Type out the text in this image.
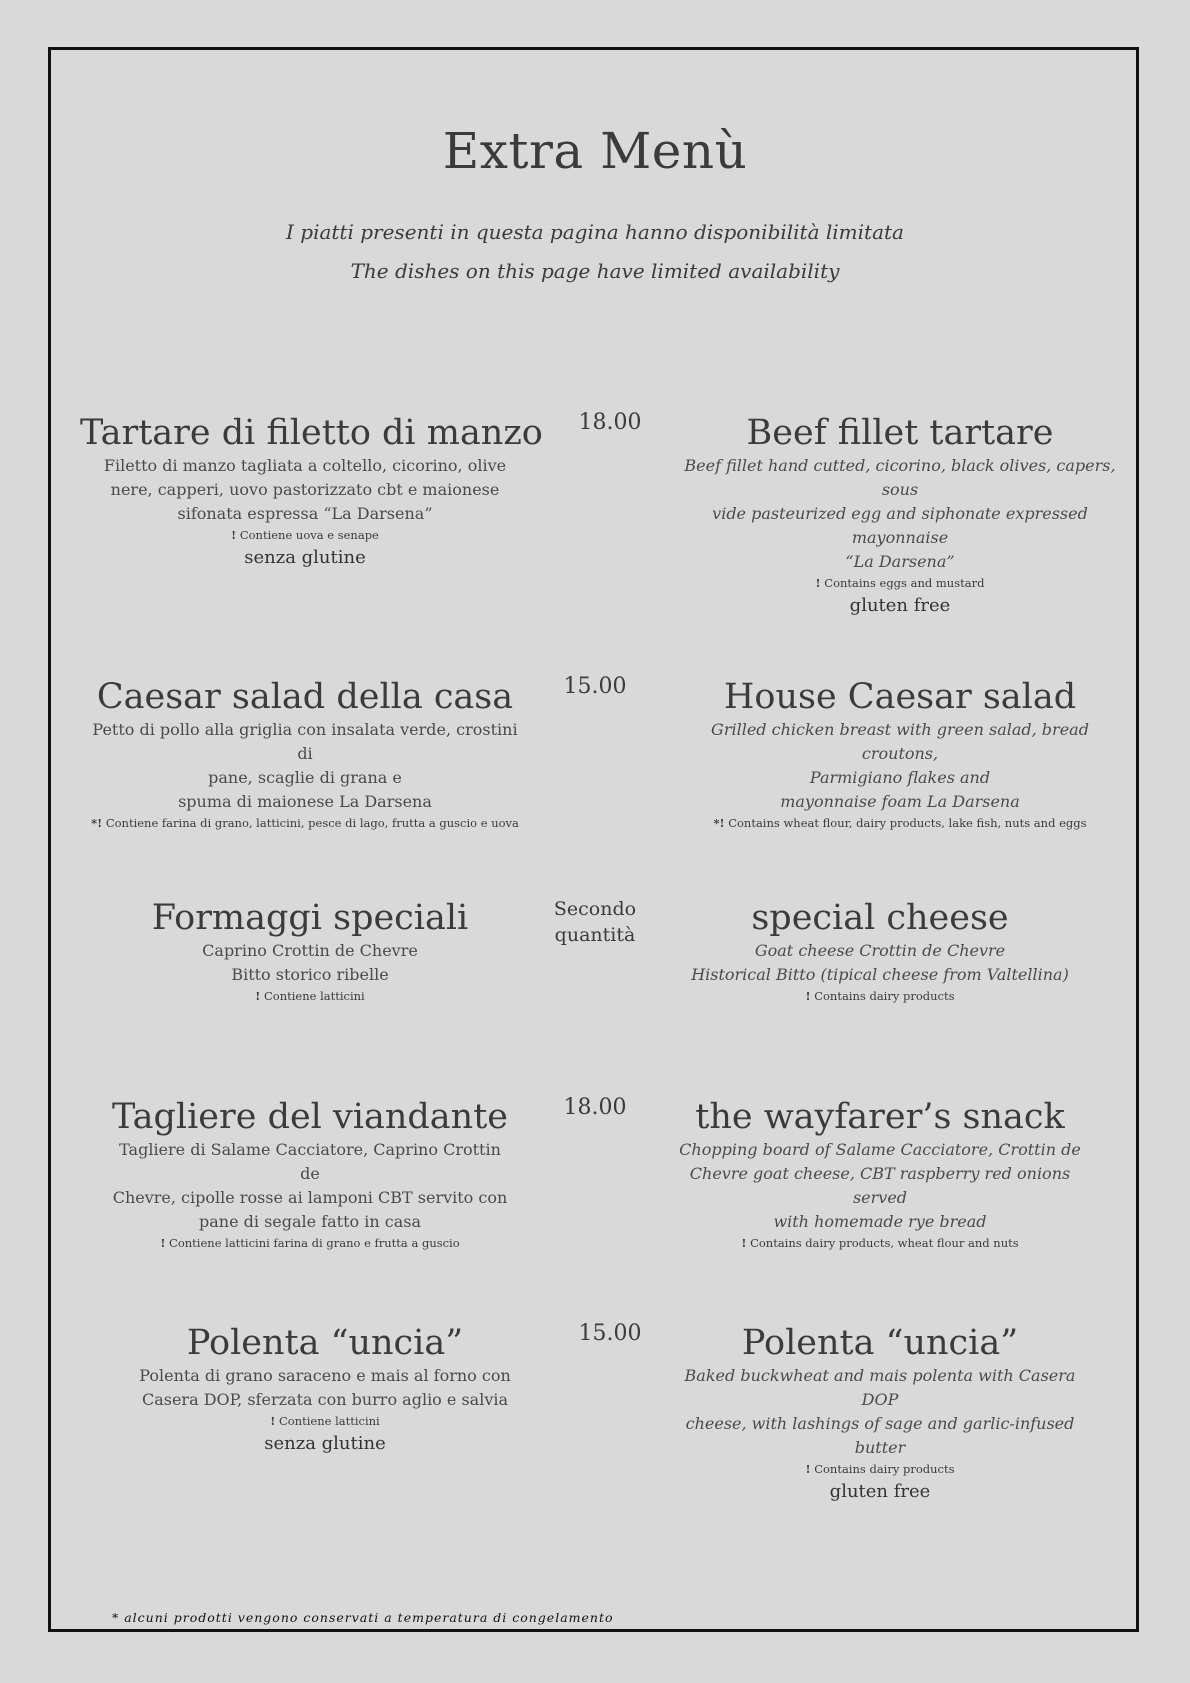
Extra Menù
I piatti presenti in questa pagina hanno disponibilità limitata
The dishes on this page have limited availability
Tartare di filetto di manzo
Filetto di manzo tagliata a coltello, cicorino, olive
nere, capperi, uovo pastorizzato cbt e maionese
sifonata espressa “La Darsena”
! Contiene uova e senape
senza glutine
18.00	Beef fillet tartare
Beef fillet hand cutted, cicorino, black olives, capers, sous
vide pasteurized egg and siphonate expressed mayonnaise
“La Darsena”
! Contains eggs and mustard
gluten free
Caesar salad della casa
Petto di pollo alla griglia con insalata verde, crostini di
pane, scaglie di grana e
spuma di maionese La Darsena
*! Contiene farina di grano, latticini, pesce di lago, frutta a guscio e uova
15.00	House Caesar salad
Grilled chicken breast with green salad, bread croutons,
Parmigiano flakes and
mayonnaise foam La Darsena
*! Contains wheat flour, dairy products, lake fish, nuts and eggs
Formaggi speciali
Caprino Crottin de Chevre
Bitto storico ribelle
! Contiene latticini
Secondo
quantità	special cheese
Goat cheese Crottin de Chevre
Historical Bitto (tipical cheese from Valtellina)
! Contains dairy products
Tagliere del viandante
Tagliere di Salame Cacciatore, Caprino Crottin de
Chevre, cipolle rosse ai lamponi CBT servito con
pane di segale fatto in casa
! Contiene latticini farina di grano e frutta a guscio
18.00	the wayfarer’s snack
Chopping board of Salame Cacciatore, Crottin de
Chevre goat cheese, CBT raspberry red onions served
with homemade rye bread
! Contains dairy products, wheat flour and nuts
Polenta “uncia”
Polenta di grano saraceno e mais al forno con
Casera DOP, sferzata con burro aglio e salvia
! Contiene latticini
senza glutine
15.00	Polenta “uncia”
Baked buckwheat and mais polenta with Casera DOP
cheese, with lashings of sage and garlic-infused butter
! Contains dairy products
gluten free
* alcuni prodotti vengono conservati a temperatura di congelamento
